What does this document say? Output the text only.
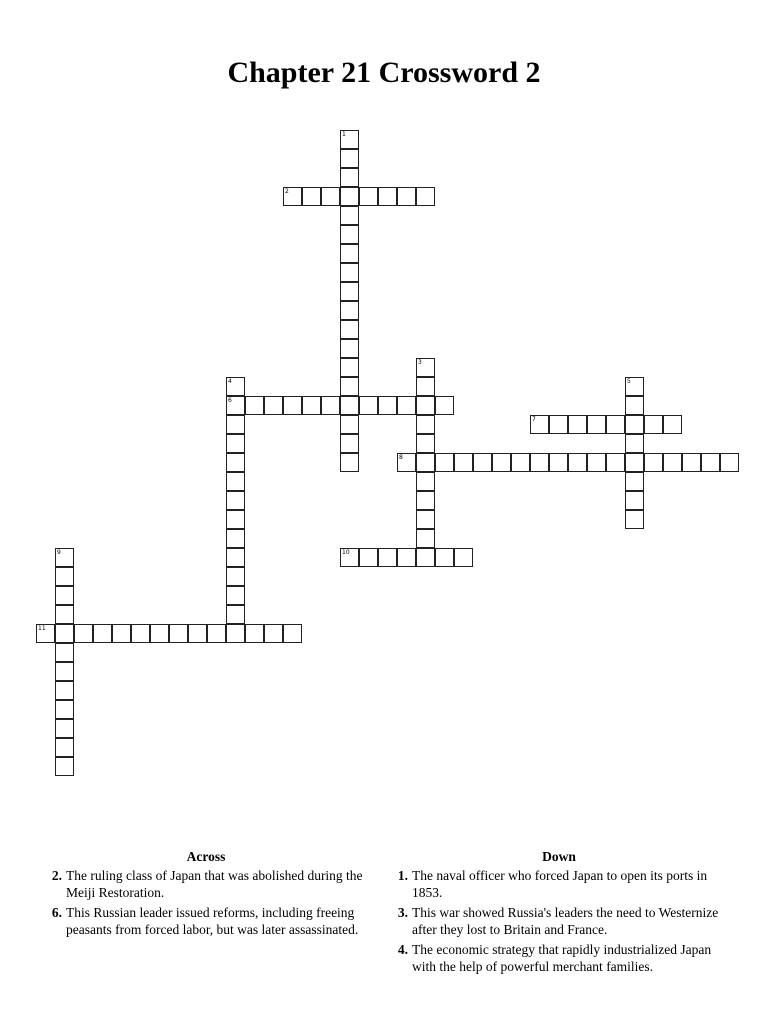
Chapter 21 Crossword 2
1
2
3
4
6
5
7
8
9	10
11
Across
2. The ruling class of Japan that was abolished during the Meiji Restoration.
6. This Russian leader issued reforms, including freeing peasants from forced labor, but was later assassinated.
Down
1. The naval officer who forced Japan to open its ports in 1853.
3. This war showed Russia's leaders the need to Westernize after they lost to Britain and France.
4. The economic strategy that rapidly industrialized Japan with the help of powerful merchant families.
